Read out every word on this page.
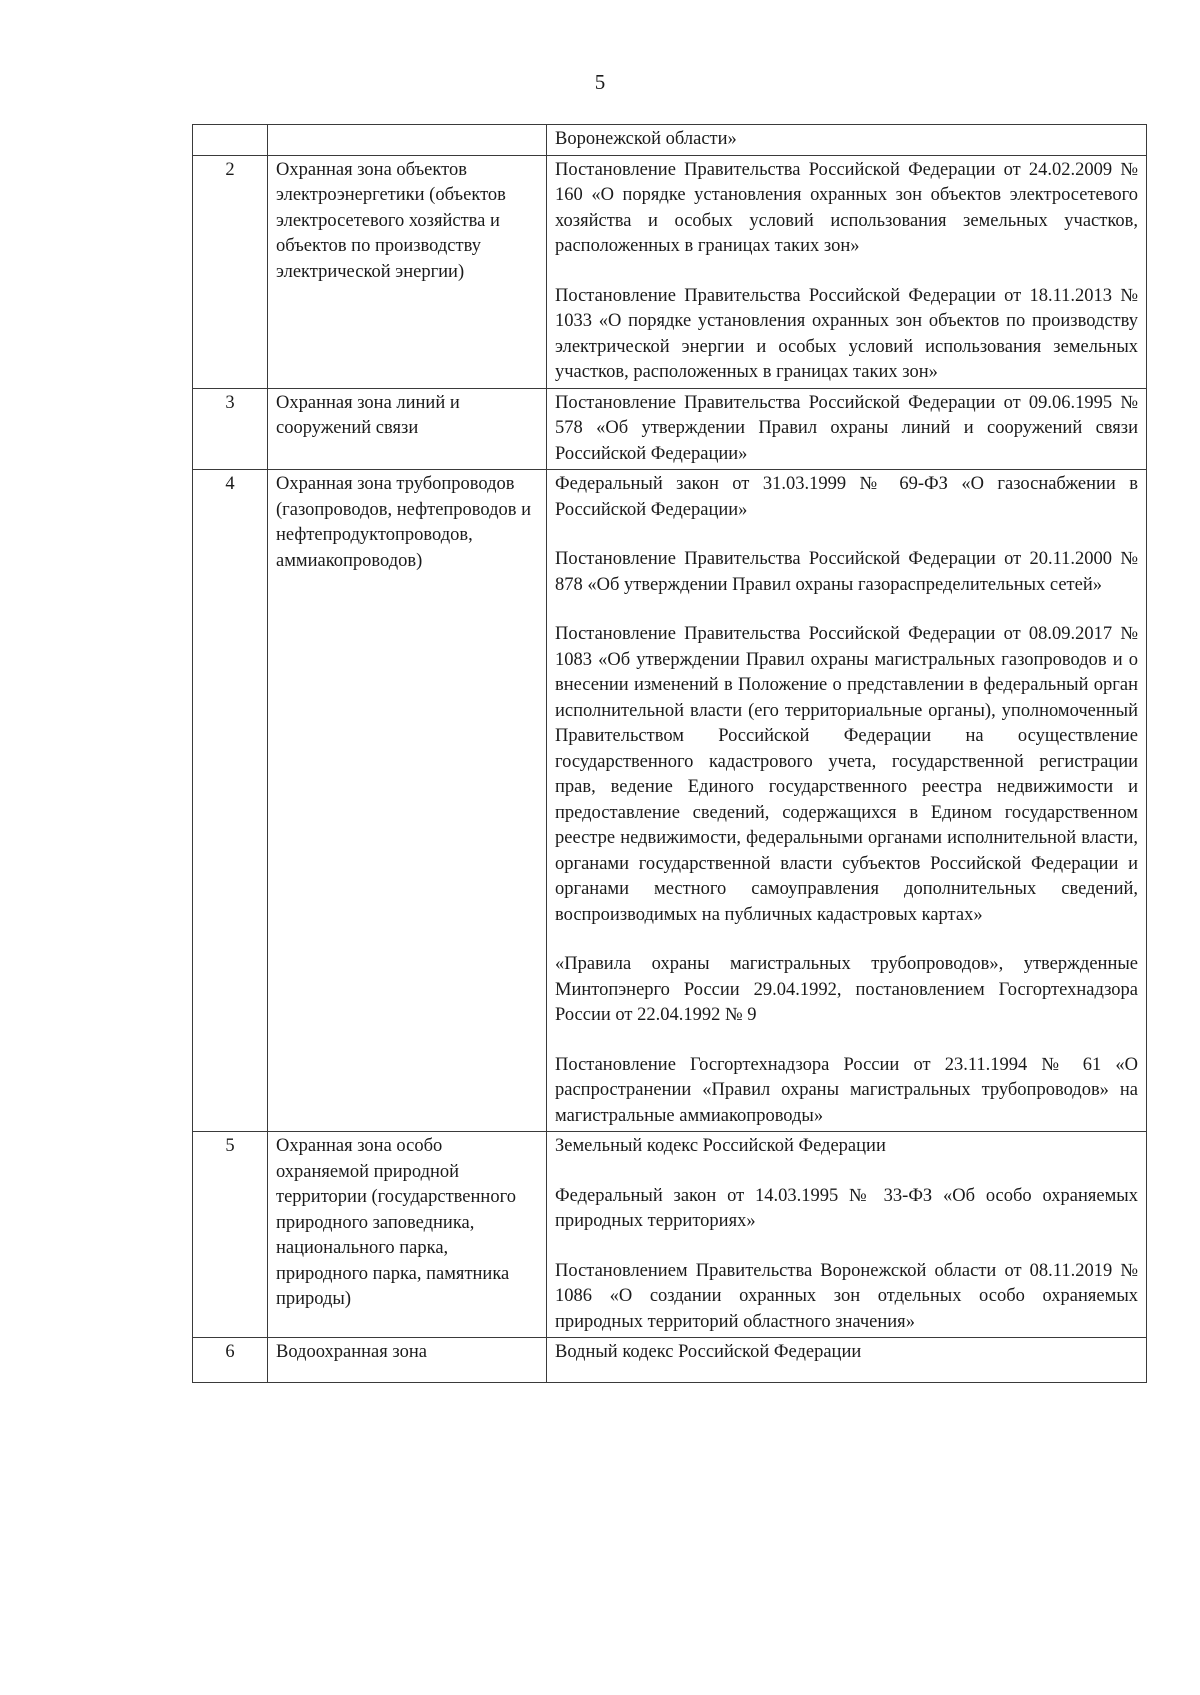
5

		Воронежской области»

2	Охранная зона объектов электроэнергетики (объектов электросетевого хозяйства и объектов по производству электрической энергии)	Постановление Правительства Российской Федерации от 24.02.2009 № 160 «О порядке установления охранных зон объектов электросетевого хозяйства и особых условий использования земельных участков, расположенных в границах таких зон»

Постановление Правительства Российской Федерации от 18.11.2013 № 1033 «О порядке установления охранных зон объектов по производству электрической энергии и особых условий использования земельных участков, расположенных в границах таких зон»

3	Охранная зона линий и сооружений связи	Постановление Правительства Российской Федерации от 09.06.1995 № 578 «Об утверждении Правил охраны линий и сооружений связи Российской Федерации»

4	Охранная зона трубопроводов (газопроводов, нефтепроводов и нефтепродуктопроводов, аммиакопроводов)	Федеральный закон от 31.03.1999 № 69-ФЗ «О газоснабжении в Российской Федерации»

Постановление Правительства Российской Федерации от 20.11.2000 № 878 «Об утверждении Правил охраны газораспределительных сетей»

Постановление Правительства Российской Федерации от 08.09.2017 № 1083 «Об утверждении Правил охраны магистральных газопроводов и о внесении изменений в Положение о представлении в федеральный орган исполнительной власти (его территориальные органы), уполномоченный Правительством Российской Федерации на осуществление государственного кадастрового учета, государственной регистрации прав, ведение Единого государственного реестра недвижимости и предоставление сведений, содержащихся в Едином государственном реестре недвижимости, федеральными органами исполнительной власти, органами государственной власти субъектов Российской Федерации и органами местного самоуправления дополнительных сведений, воспроизводимых на публичных кадастровых картах»

«Правила охраны магистральных трубопроводов», утвержденные Минтопэнерго России 29.04.1992, постановлением Госгортехнадзора России от 22.04.1992 № 9

Постановление Госгортехнадзора России от 23.11.1994 № 61 «О распространении «Правил охраны магистральных трубопроводов» на магистральные аммиакопроводы»

5	Охранная зона особо охраняемой природной территории (государственного природного заповедника, национального парка, природного парка, памятника природы)	Земельный кодекс Российской Федерации

Федеральный закон от 14.03.1995 № 33-ФЗ «Об особо охраняемых природных территориях»

Постановлением Правительства Воронежской области от 08.11.2019 № 1086 «О создании охранных зон отдельных особо охраняемых природных территорий областного значения»

6	Водоохранная зона	Водный кодекс Российской Федерации
